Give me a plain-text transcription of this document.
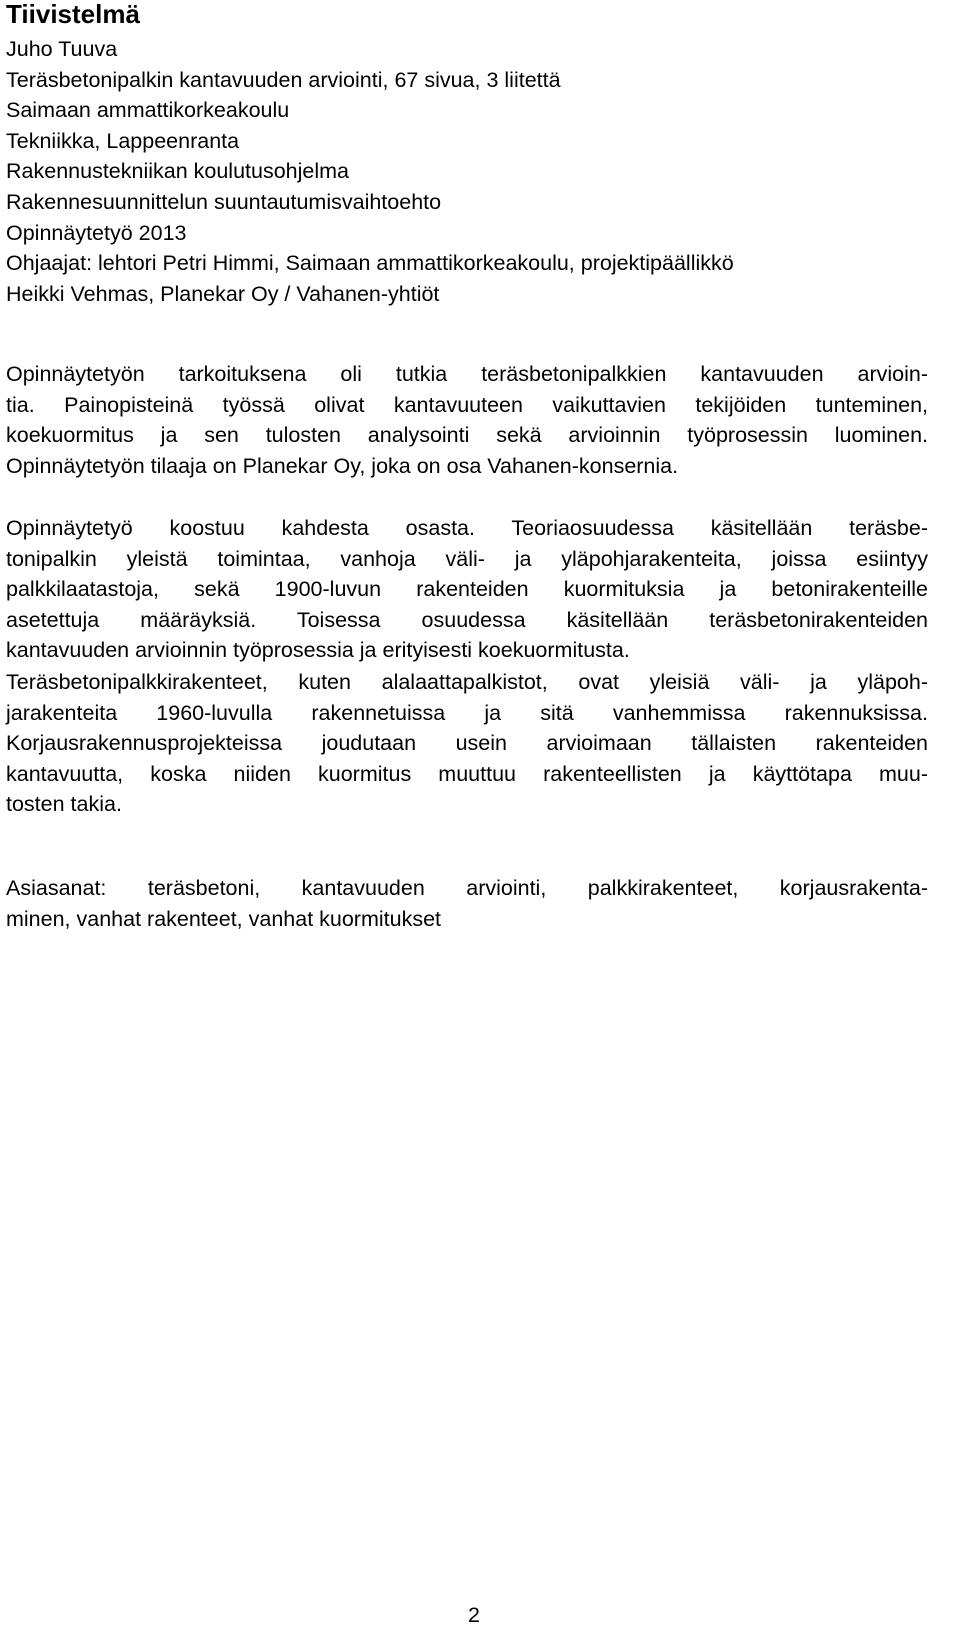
Tiivistelmä
Juho Tuuva
Teräsbetonipalkin kantavuuden arviointi, 67 sivua, 3 liitettä
Saimaan ammattikorkeakoulu
Tekniikka, Lappeenranta
Rakennustekniikan koulutusohjelma
Rakennesuunnittelun suuntautumisvaihtoehto
Opinnäytetyö 2013
Ohjaajat: lehtori Petri Himmi, Saimaan ammattikorkeakoulu, projektipäällikkö
Heikki Vehmas, Planekar Oy / Vahanen-yhtiöt

Opinnäytetyön tarkoituksena oli tutkia teräsbetonipalkkien kantavuuden arvioin-
tia. Painopisteinä työssä olivat kantavuuteen vaikuttavien tekijöiden tunteminen,
koekuormitus ja sen tulosten analysointi sekä arvioinnin työprosessin luominen.
Opinnäytetyön tilaaja on Planekar Oy, joka on osa Vahanen-konsernia.

Opinnäytetyö koostuu kahdesta osasta. Teoriaosuudessa käsitellään teräsbe-
tonipalkin yleistä toimintaa, vanhoja väli- ja yläpohjarakenteita, joissa esiintyy
palkkilaatastoja, sekä 1900-luvun rakenteiden kuormituksia ja betonirakenteille
asetettuja määräyksiä. Toisessa osuudessa käsitellään teräsbetonirakenteiden
kantavuuden arvioinnin työprosessia ja erityisesti koekuormitusta.

Teräsbetonipalkkirakenteet, kuten alalaattapalkistot, ovat yleisiä väli- ja yläpoh-
jarakenteita 1960-luvulla rakennetuissa ja sitä vanhemmissa rakennuksissa.
Korjausrakennusprojekteissa joudutaan usein arvioimaan tällaisten rakenteiden
kantavuutta, koska niiden kuormitus muuttuu rakenteellisten ja käyttötapa muu-
tosten takia.

Asiasanat: teräsbetoni, kantavuuden arviointi, palkkirakenteet, korjausrakenta-
minen, vanhat rakenteet, vanhat kuormitukset

2
